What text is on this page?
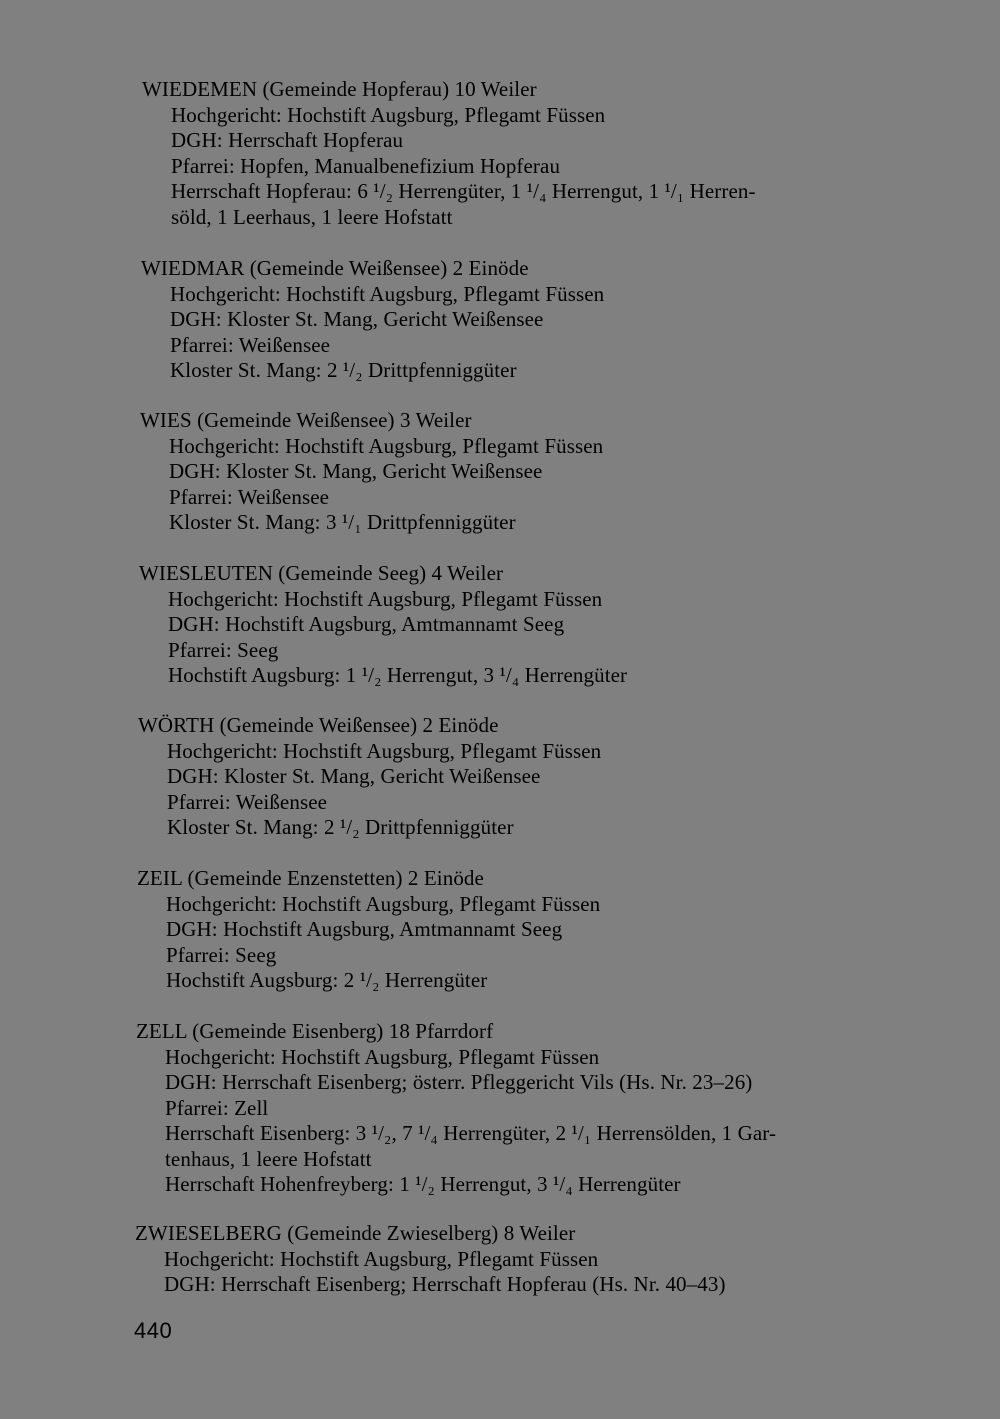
WIEDEMEN (Gemeinde Hopferau) 10 Weiler
Hochgericht: Hochstift Augsburg, Pflegamt Füssen
DGH: Herrschaft Hopferau
Pfarrei: Hopfen, Manualbenefizium Hopferau
Herrschaft Hopferau: 6 ¹/₂ Herrengüter, 1 ¹/₄ Herrengut, 1 ¹/₁ Herren-
söld, 1 Leerhaus, 1 leere Hofstatt
WIEDMAR (Gemeinde Weißensee) 2 Einöde
Hochgericht: Hochstift Augsburg, Pflegamt Füssen
DGH: Kloster St. Mang, Gericht Weißensee
Pfarrei: Weißensee
Kloster St. Mang: 2 ¹/₂ Drittpfenniggüter
WIES (Gemeinde Weißensee) 3 Weiler
Hochgericht: Hochstift Augsburg, Pflegamt Füssen
DGH: Kloster St. Mang, Gericht Weißensee
Pfarrei: Weißensee
Kloster St. Mang: 3 ¹/₁ Drittpfenniggüter
WIESLEUTEN (Gemeinde Seeg) 4 Weiler
Hochgericht: Hochstift Augsburg, Pflegamt Füssen
DGH: Hochstift Augsburg, Amtmannamt Seeg
Pfarrei: Seeg
Hochstift Augsburg: 1 ¹/₂ Herrengut, 3 ¹/₄ Herrengüter
WÖRTH (Gemeinde Weißensee) 2 Einöde
Hochgericht: Hochstift Augsburg, Pflegamt Füssen
DGH: Kloster St. Mang, Gericht Weißensee
Pfarrei: Weißensee
Kloster St. Mang: 2 ¹/₂ Drittpfenniggüter
ZEIL (Gemeinde Enzenstetten) 2 Einöde
Hochgericht: Hochstift Augsburg, Pflegamt Füssen
DGH: Hochstift Augsburg, Amtmannamt Seeg
Pfarrei: Seeg
Hochstift Augsburg: 2 ¹/₂ Herrengüter
ZELL (Gemeinde Eisenberg) 18 Pfarrdorf
Hochgericht: Hochstift Augsburg, Pflegamt Füssen
DGH: Herrschaft Eisenberg; österr. Pfleggericht Vils (Hs. Nr. 23–26)
Pfarrei: Zell
Herrschaft Eisenberg: 3 ¹/₂, 7 ¹/₄ Herrengüter, 2 ¹/₁ Herrensölden, 1 Gar-
tenhaus, 1 leere Hofstatt
Herrschaft Hohenfreyberg: 1 ¹/₂ Herrengut, 3 ¹/₄ Herrengüter
ZWIESELBERG (Gemeinde Zwieselberg) 8 Weiler
Hochgericht: Hochstift Augsburg, Pflegamt Füssen
DGH: Herrschaft Eisenberg; Herrschaft Hopferau (Hs. Nr. 40–43)
440
